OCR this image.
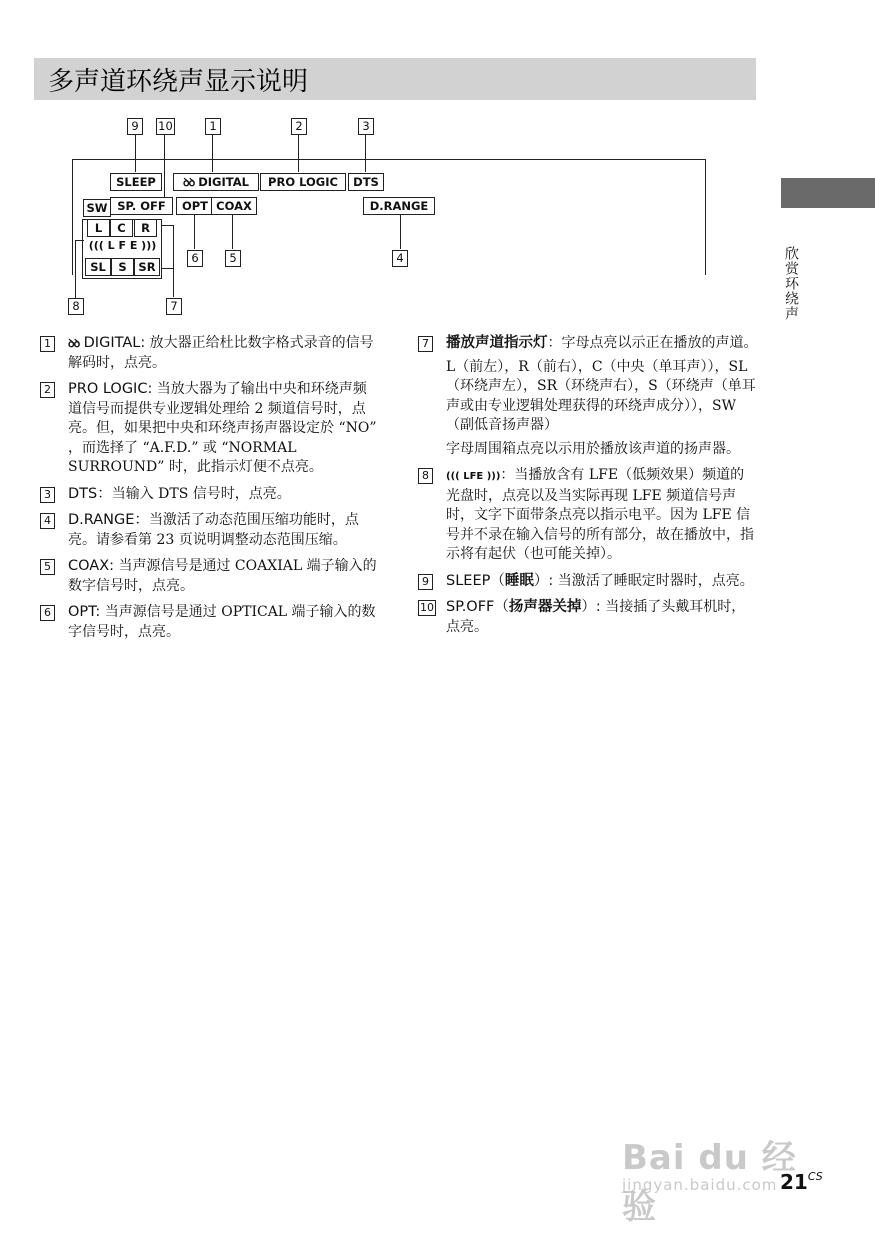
多声道环绕声显示说明
欣赏环绕声
9	10	1	2	3
SLEEP	ꝺꝺ DIGITAL	PRO LOGIC	DTS
SW SP. OFF	OPT COAX	D.RANGE
L	C	R
((( L F E )))
SL	S	SR
6	5	4
8	7
1	ꝺꝺ DIGITAL: 放大器正给杜比数字格式录音的信号解码时，点亮。
2 PRO LOGIC: 当放大器为了输出中央和环绕声频道信号而提供专业逻辑处理给 2 频道信号时，点亮。但，如果把中央和环绕声扬声器设定於 “NO” ，而选择了 “A.F.D.” 或 “NORMAL SURROUND” 时，此指示灯便不点亮。
3 DTS：当输入 DTS 信号时，点亮。
4 D.RANGE：当激活了动态范围压缩功能时，点亮。请参看第 23 页说明调整动态范围压缩。
5 COAX: 当声源信号是通过 COAXIAL 端子输入的数字信号时，点亮。
6 OPT: 当声源信号是通过 OPTICAL 端子输入的数字信号时，点亮。
7 播放声道指示灯：字母点亮以示正在播放的声道。
L（前左），R（前右），C（中央（单耳声）），SL（环绕声左），SR（环绕声右），S（环绕声（单耳声或由专业逻辑处理获得的环绕声成分）），SW（副低音扬声器）
字母周围箱点亮以示用於播放该声道的扬声器。
8	((( LFE )))：当播放含有 LFE（低频效果）频道的光盘时，点亮以及当实际再现 LFE 频道信号声时，文字下面带条点亮以指示电平。因为 LFE 信号并不录在输入信号的所有部分，故在播放中，指示将有起伏（也可能关掉）。
9 SLEEP（睡眠）: 当激活了睡眠定时器时，点亮。
10 SP.OFF（扬声器关掉）: 当接插了头戴耳机时，点亮。
Bai du 经验
jingyan.baidu.com $21^{CS}$
